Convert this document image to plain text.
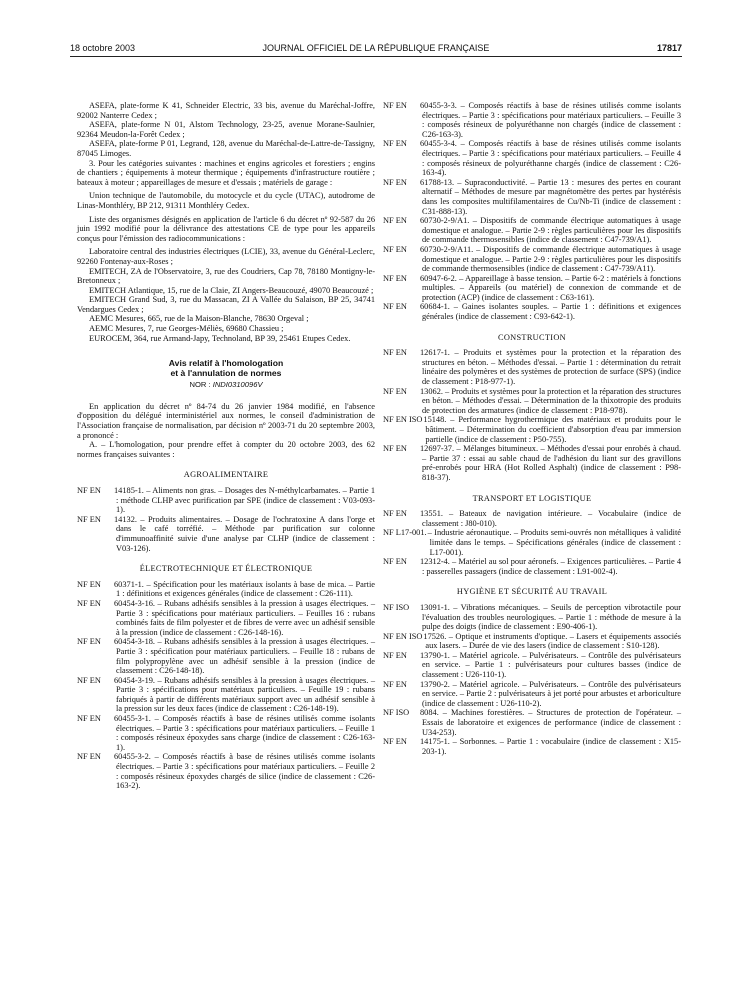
18 octobre 2003	JOURNAL OFFICIEL DE LA RÉPUBLIQUE FRANÇAISE	17817

ASEFA, plate-forme K 41, Schneider Electric, 33 bis, avenue du Maréchal-Joffre, 92002 Nanterre Cedex ;

ASEFA, plate-forme N 01, Alstom Technology, 23-25, avenue Morane-Saulnier, 92364 Meudon-la-Forêt Cedex ;

ASEFA, plate-forme P 01, Legrand, 128, avenue du Maréchal-de-Lattre-de-Tassigny, 87045 Limoges.

3. Pour les catégories suivantes : machines et engins agricoles et forestiers ; engins de chantiers ; équipements à moteur thermique ; équipements d'infrastructure routière ; bateaux à moteur ; appareillages de mesure et d'essais ; matériels de garage :

Union technique de l'automobile, du motocycle et du cycle (UTAC), autodrome de Linas-Monthléry, BP 212, 91311 Monthléry Cedex.

Liste des organismes désignés en application de l'article 6 du décret nº 92-587 du 26 juin 1992 modifié pour la délivrance des attestations CE de type pour les appareils conçus pour l'émission des radiocommunications :

Laboratoire central des industries électriques (LCIE), 33, avenue du Général-Leclerc, 92260 Fontenay-aux-Roses ;

EMITECH, ZA de l'Observatoire, 3, rue des Coudriers, Cap 78, 78180 Montigny-le-Bretonneux ;

EMITECH Atlantique, 15, rue de la Claie, ZI Angers-Beaucouzé, 49070 Beaucouzé ;

EMITECH Grand Sud, 3, rue du Massacan, ZI A Vallée du Salaison, BP 25, 34741 Vendargues Cedex ;

AEMC Mesures, 665, rue de la Maison-Blanche, 78630 Orgeval ;

AEMC Mesures, 7, rue Georges-Méliès, 69680 Chassieu ;

EUROCEM, 364, rue Armand-Japy, Technoland, BP 39, 25461 Etupes Cedex.

Avis relatif à l'homologation

et à l'annulation de normes

NOR : INDI0310096V

En application du décret nº 84-74 du 26 janvier 1984 modifié, en l'absence d'opposition du délégué interministériel aux normes, le conseil d'administration de l'Association française de normalisation, par décision nº 2003-71 du 20 septembre 2003, a prononcé :

A. – L'homologation, pour prendre effet à compter du 20 octobre 2003, des 62 normes françaises suivantes :

AGROALIMENTAIRE

NF EN	14185-1. – Aliments non gras. – Dosages des N-méthylcarbamates. – Partie 1 : méthode CLHP avec purification par SPE (indice de classement : V03-093-1).
NF EN	14132. – Produits alimentaires. – Dosage de l'ochratoxine A dans l'orge et dans le café torréfié. – Méthode par purification sur colonne d'immunoaffinité suivie d'une analyse par CLHP (indice de classement : V03-126).

ÉLECTROTECHNIQUE ET ÉLECTRONIQUE

NF EN	60371-1. – Spécification pour les matériaux isolants à base de mica. – Partie 1 : définitions et exigences générales (indice de classement : C26-111).
NF EN	60454-3-16. – Rubans adhésifs sensibles à la pression à usages électriques. – Partie 3 : spécifications pour matériaux particuliers. – Feuilles 16 : rubans combinés faits de film polyester et de fibres de verre avec un adhésif sensible à la pression (indice de classement : C26-148-16).
NF EN	60454-3-18. – Rubans adhésifs sensibles à la pression à usages électriques. – Partie 3 : spécification pour matériaux particuliers. – Feuille 18 : rubans de film polypropylène avec un adhésif sensible à la pression (indice de classement : C26-148-18).
NF EN	60454-3-19. – Rubans adhésifs sensibles à la pression à usages électriques. – Partie 3 : spécifications pour matériaux particuliers. – Feuille 19 : rubans fabriqués à partir de différents matériaux support avec un adhésif sensible à la pression sur les deux faces (indice de classement : C26-148-19).
NF EN	60455-3-1. – Composés réactifs à base de résines utilisés comme isolants électriques. – Partie 3 : spécifications pour matériaux particuliers. – Feuille 1 : composés résineux époxydes sans charge (indice de classement : C26-163-1).
NF EN	60455-3-2. – Composés réactifs à base de résines utilisés comme isolants électriques. – Partie 3 : spécifications pour matériaux particuliers. – Feuille 2 : composés résineux époxydes chargés de silice (indice de classement : C26-163-2).
NF EN	60455-3-3. – Composés réactifs à base de résines utilisés comme isolants électriques. – Partie 3 : spécifications pour matériaux particuliers. – Feuille 3 : composés résineux de polyuréthanne non chargés (indice de classement : C26-163-3).
NF EN	60455-3-4. – Composés réactifs à base de résines utilisés comme isolants électriques. – Partie 3 : spécifications pour matériaux particuliers. – Feuille 4 : composés résineux de polyuréthanne chargés (indice de classement : C26-163-4).
NF EN	61788-13. – Supraconductivité. – Partie 13 : mesures des pertes en courant alternatif – Méthodes de mesure par magnétomètre des pertes par hystérésis dans les composites multifilamentaires de Cu/Nb-Ti (indice de classement : C31-888-13).
NF EN	60730-2-9/A1. – Dispositifs de commande électrique automatiques à usage domestique et analogue. – Partie 2-9 : règles particulières pour les dispositifs de commande thermosensibles (indice de classement : C47-739/A1).
NF EN	60730-2-9/A11. – Dispositifs de commande électrique automatiques à usage domestique et analogue. – Partie 2-9 : règles particulières pour les dispositifs de commande thermosensibles (indice de classement : C47-739/A11).
NF EN	60947-6-2. – Appareillage à basse tension. – Partie 6-2 : matériels à fonctions multiples. – Appareils (ou matériel) de connexion de commande et de protection (ACP) (indice de classement : C63-161).
NF EN	60684-1. – Gaines isolantes souples. – Partie 1 : définitions et exigences générales (indice de classement : C93-642-1).

CONSTRUCTION

NF EN	12617-1. – Produits et systèmes pour la protection et la réparation des structures en béton. – Méthodes d'essai. – Partie 1 : détermination du retrait linéaire des polymères et des systèmes de protection de surface (SPS) (indice de classement : P18-977-1).
NF EN	13062. – Produits et systèmes pour la protection et la réparation des structures en béton. – Méthodes d'essai. – Détermination de la thixotropie des produits de protection des armatures (indice de classement : P18-978).
NF EN ISO 15148. – Performance hygrothermique des matériaux et produits pour le bâtiment. – Détermination du coefficient d'absorption d'eau par immersion partielle (indice de classement : P50-755).
NF EN	12697-37. – Mélanges bitumineux. – Méthodes d'essai pour enrobés à chaud. – Partie 37 : essai au sable chaud de l'adhésion du liant sur des gravillons pré-enrobés pour HRA (Hot Rolled Asphalt) (indice de classement : P98-818-37).

TRANSPORT ET LOGISTIQUE

NF EN	13551. – Bateaux de navigation intérieure. – Vocabulaire (indice de classement : J80-010).
NF L17-001. – Industrie aéronautique. – Produits semi-ouvrés non métalliques à validité limitée dans le temps. – Spécifications générales (indice de classement : L17-001).
NF EN	12312-4. – Matériel au sol pour aéronefs. – Exigences particulières. – Partie 4 : passerelles passagers (indice de classement : L91-002-4).

HYGIÈNE ET SÉCURITÉ AU TRAVAIL

NF ISO	13091-1. – Vibrations mécaniques. – Seuils de perception vibrotactile pour l'évaluation des troubles neurologiques. – Partie 1 : méthode de mesure à la pulpe des doigts (indice de classement : E90-406-1).
NF EN ISO 17526. – Optique et instruments d'optique. – Lasers et équipements associés aux lasers. – Durée de vie des lasers (indice de classement : S10-128).
NF EN	13790-1. – Matériel agricole. – Pulvérisateurs. – Contrôle des pulvérisateurs en service. – Partie 1 : pulvérisateurs pour cultures basses (indice de classement : U26-110-1).
NF EN	13790-2. – Matériel agricole. – Pulvérisateurs. – Contrôle des pulvérisateurs en service. – Partie 2 : pulvérisateurs à jet porté pour arbustes et arboriculture (indice de classement : U26-110-2).
NF ISO	8084. – Machines forestières. – Structures de protection de l'opérateur. – Essais de laboratoire et exigences de performance (indice de classement : U34-253).
NF EN	14175-1. – Sorbonnes. – Partie 1 : vocabulaire (indice de classement : X15-203-1).
